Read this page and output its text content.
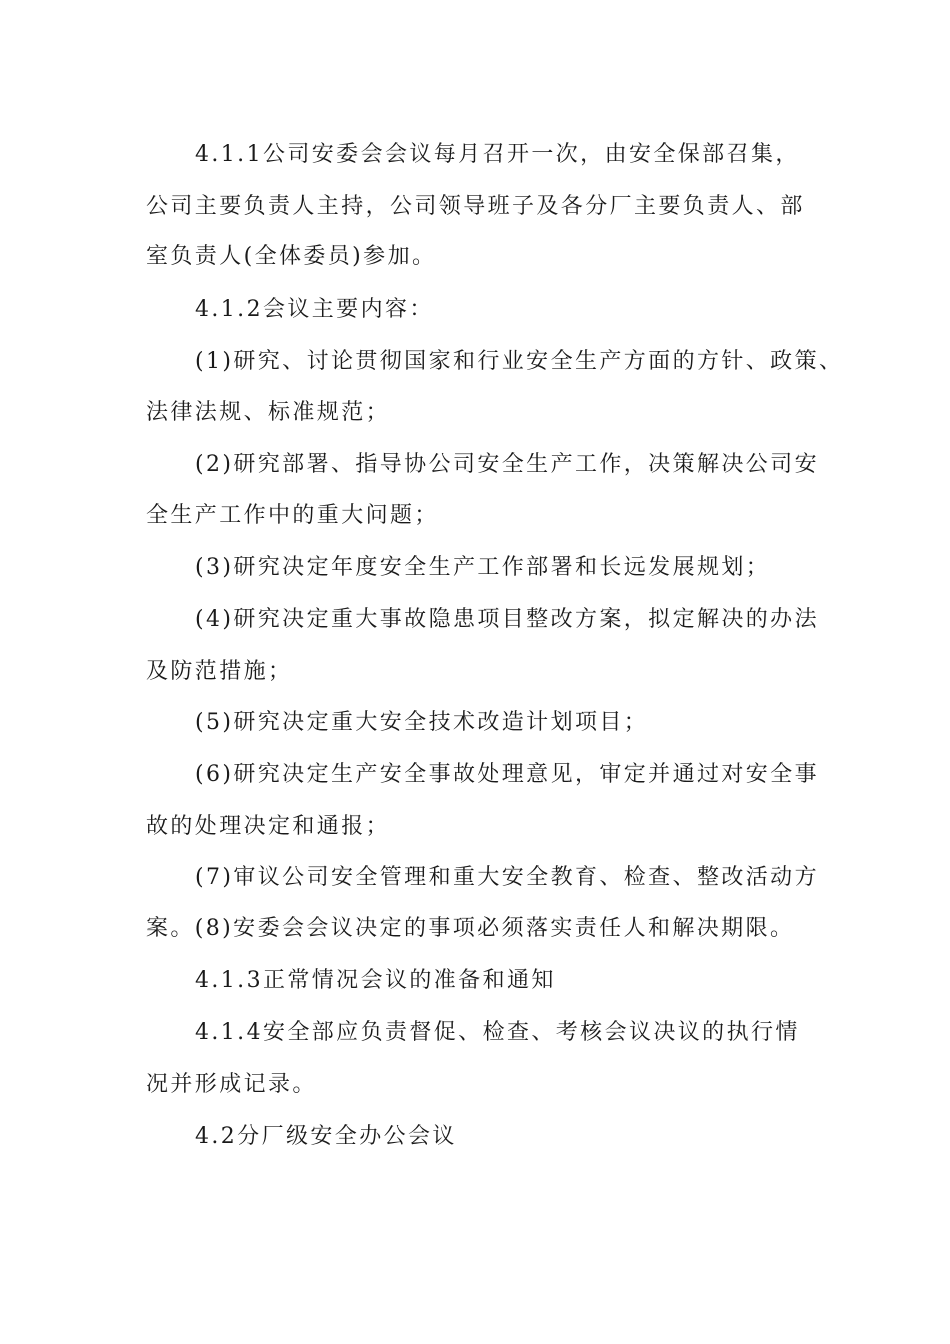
4.1.1公司安委会会议每月召开一次，由安全保部召集，
公司主要负责人主持，公司领导班子及各分厂主要负责人、部
室负责人(全体委员)参加。
4.1.2会议主要内容：
(1)研究、讨论贯彻国家和行业安全生产方面的方针、政策、
法律法规、标准规范；
(2)研究部署、指导协公司安全生产工作，决策解决公司安
全生产工作中的重大问题；
(3)研究决定年度安全生产工作部署和长远发展规划；
(4)研究决定重大事故隐患项目整改方案，拟定解决的办法
及防范措施；
(5)研究决定重大安全技术改造计划项目；
(6)研究决定生产安全事故处理意见，审定并通过对安全事
故的处理决定和通报；
(7)审议公司安全管理和重大安全教育、检查、整改活动方
案。(8)安委会会议决定的事项必须落实责任人和解决期限。
4.1.3正常情况会议的准备和通知
4.1.4安全部应负责督促、检查、考核会议决议的执行情
况并形成记录。
4.2分厂级安全办公会议
